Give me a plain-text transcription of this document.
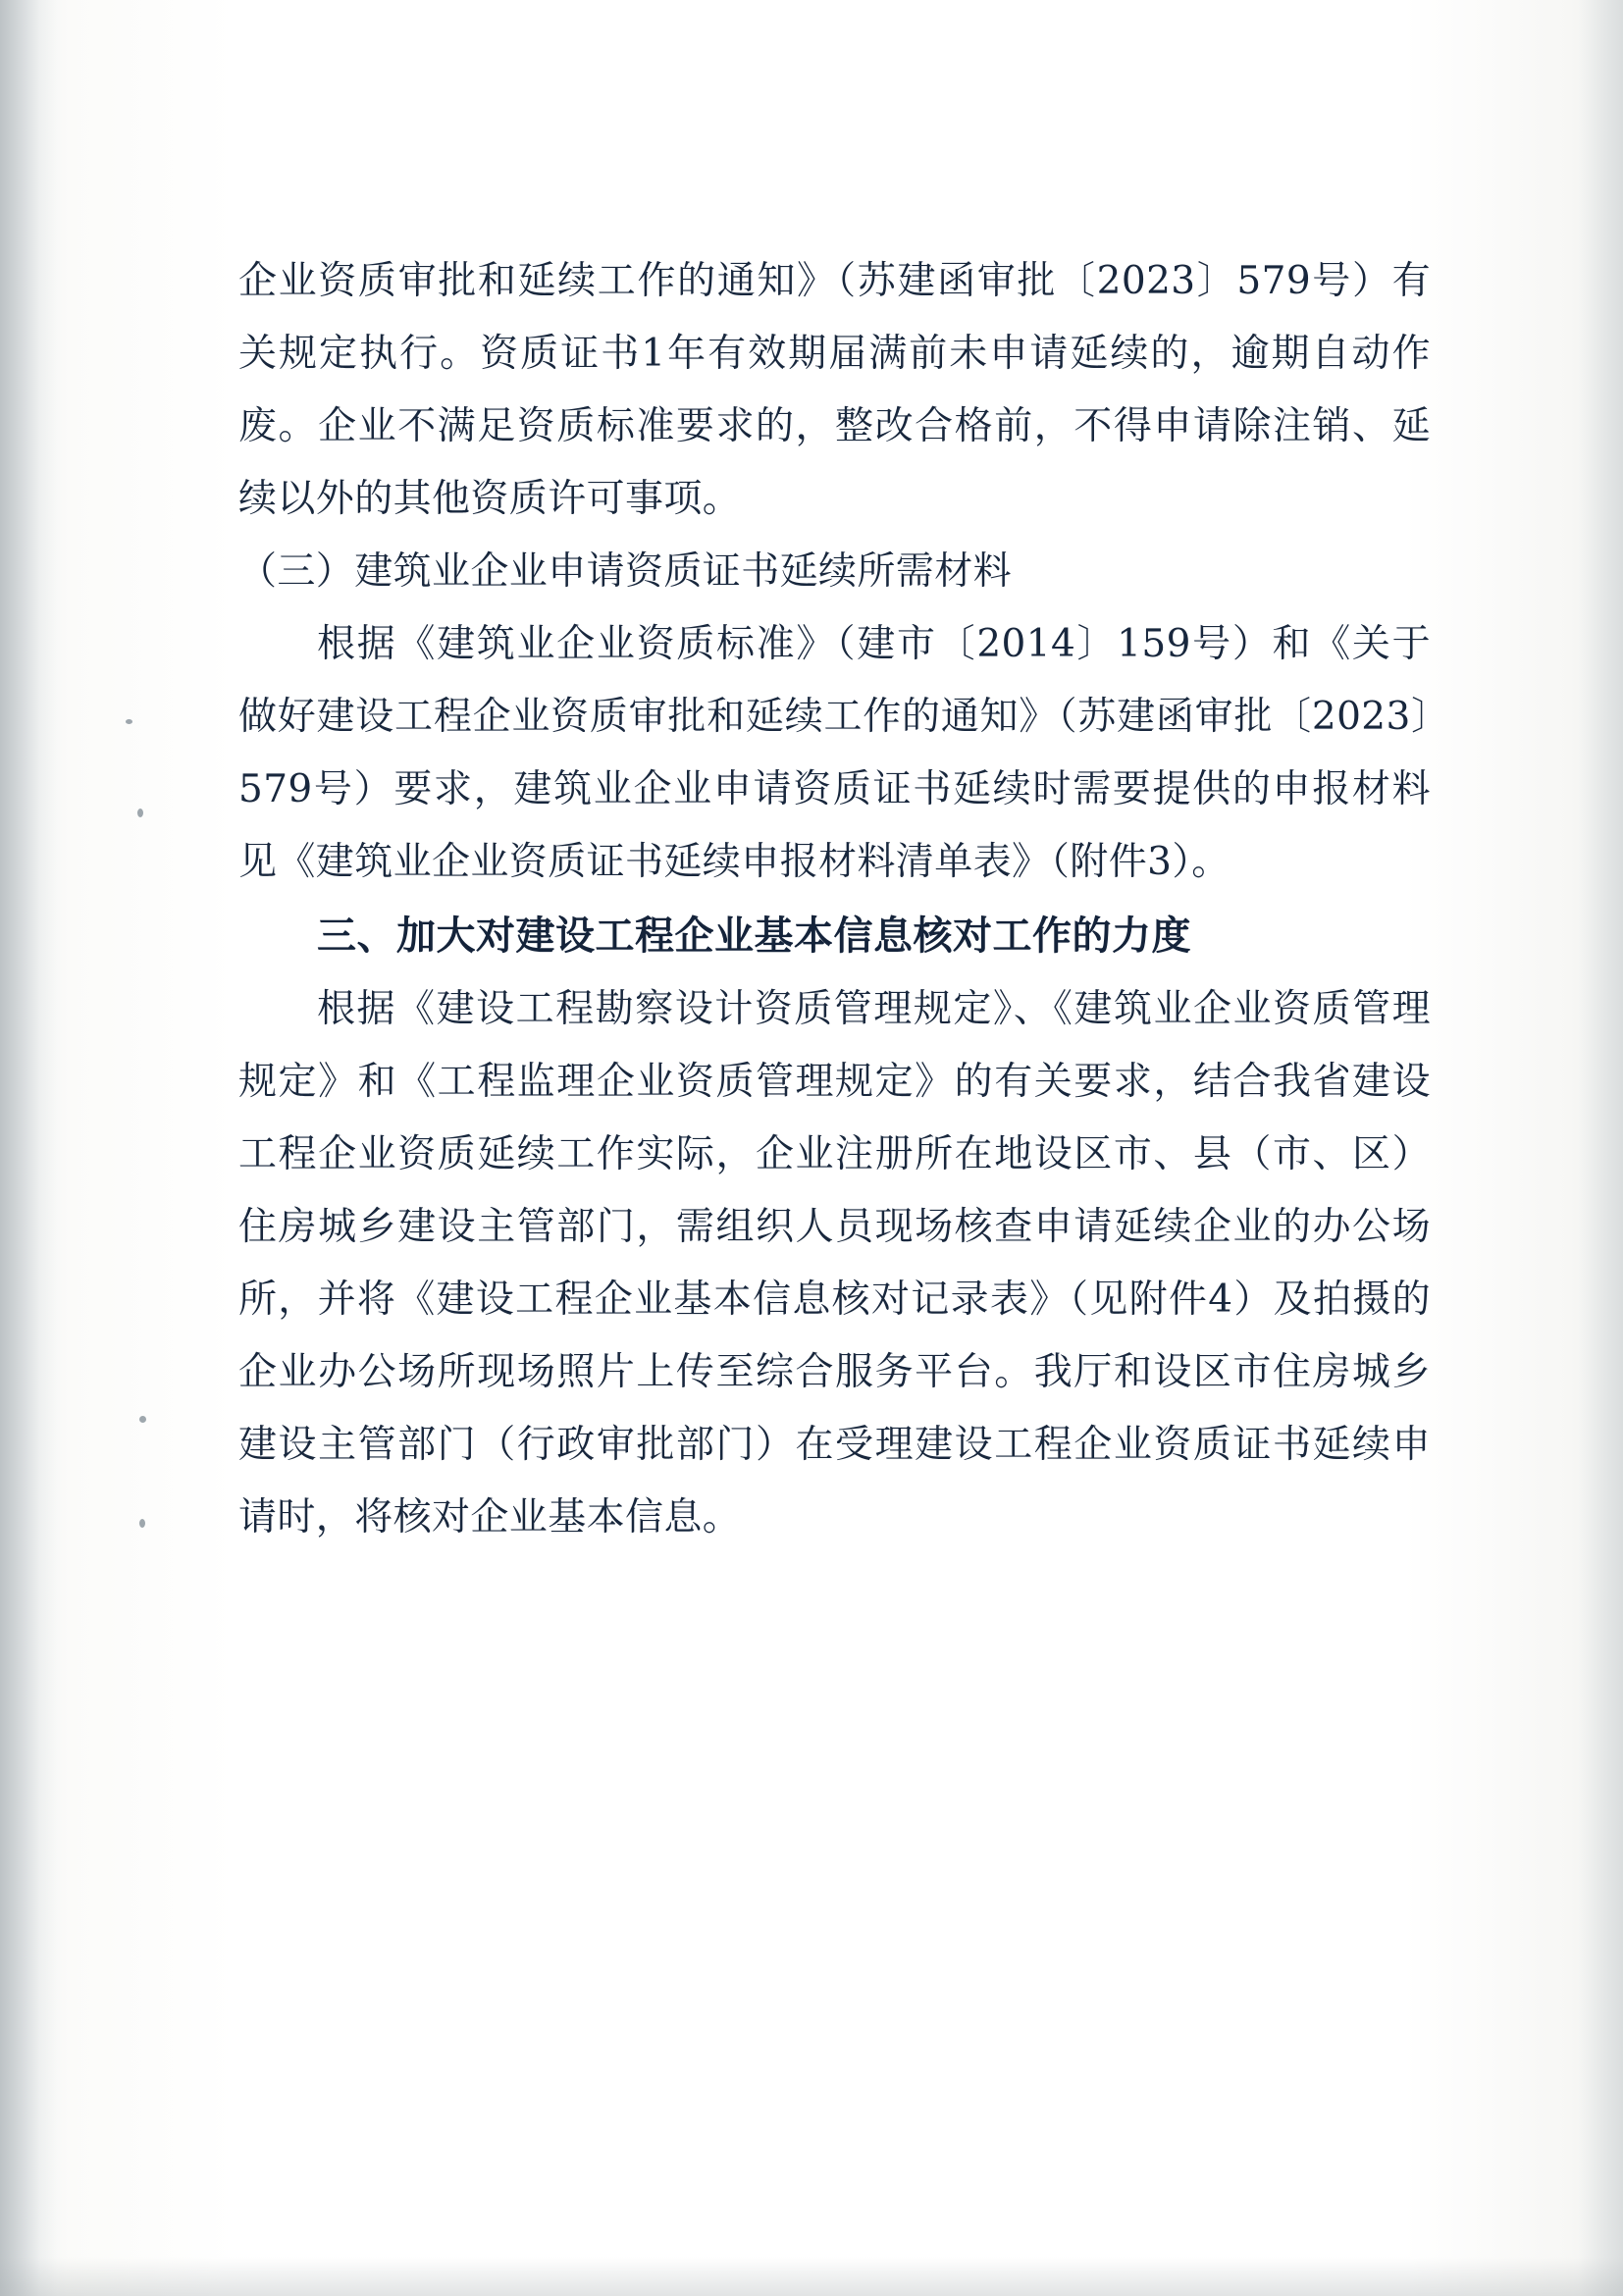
企业资质审批和延续工作的通知》（苏建函审批〔2023〕579号）有关规定执行。资质证书1年有效期届满前未申请延续的，逾期自动作废。企业不满足资质标准要求的，整改合格前，不得申请除注销、延续以外的其他资质许可事项。

（三）建筑业企业申请资质证书延续所需材料

根据《建筑业企业资质标准》（建市〔2014〕159号）和《关于做好建设工程企业资质审批和延续工作的通知》（苏建函审批〔2023〕579号）要求，建筑业企业申请资质证书延续时需要提供的申报材料见《建筑业企业资质证书延续申报材料清单表》（附件3）。

三、加大对建设工程企业基本信息核对工作的力度

根据《建设工程勘察设计资质管理规定》、《建筑业企业资质管理规定》和《工程监理企业资质管理规定》的有关要求，结合我省建设工程企业资质延续工作实际，企业注册所在地设区市、县（市、区）住房城乡建设主管部门，需组织人员现场核查申请延续企业的办公场所，并将《建设工程企业基本信息核对记录表》（见附件4）及拍摄的企业办公场所现场照片上传至综合服务平台。我厅和设区市住房城乡建设主管部门（行政审批部门）在受理建设工程企业资质证书延续申请时，将核对企业基本信息。
